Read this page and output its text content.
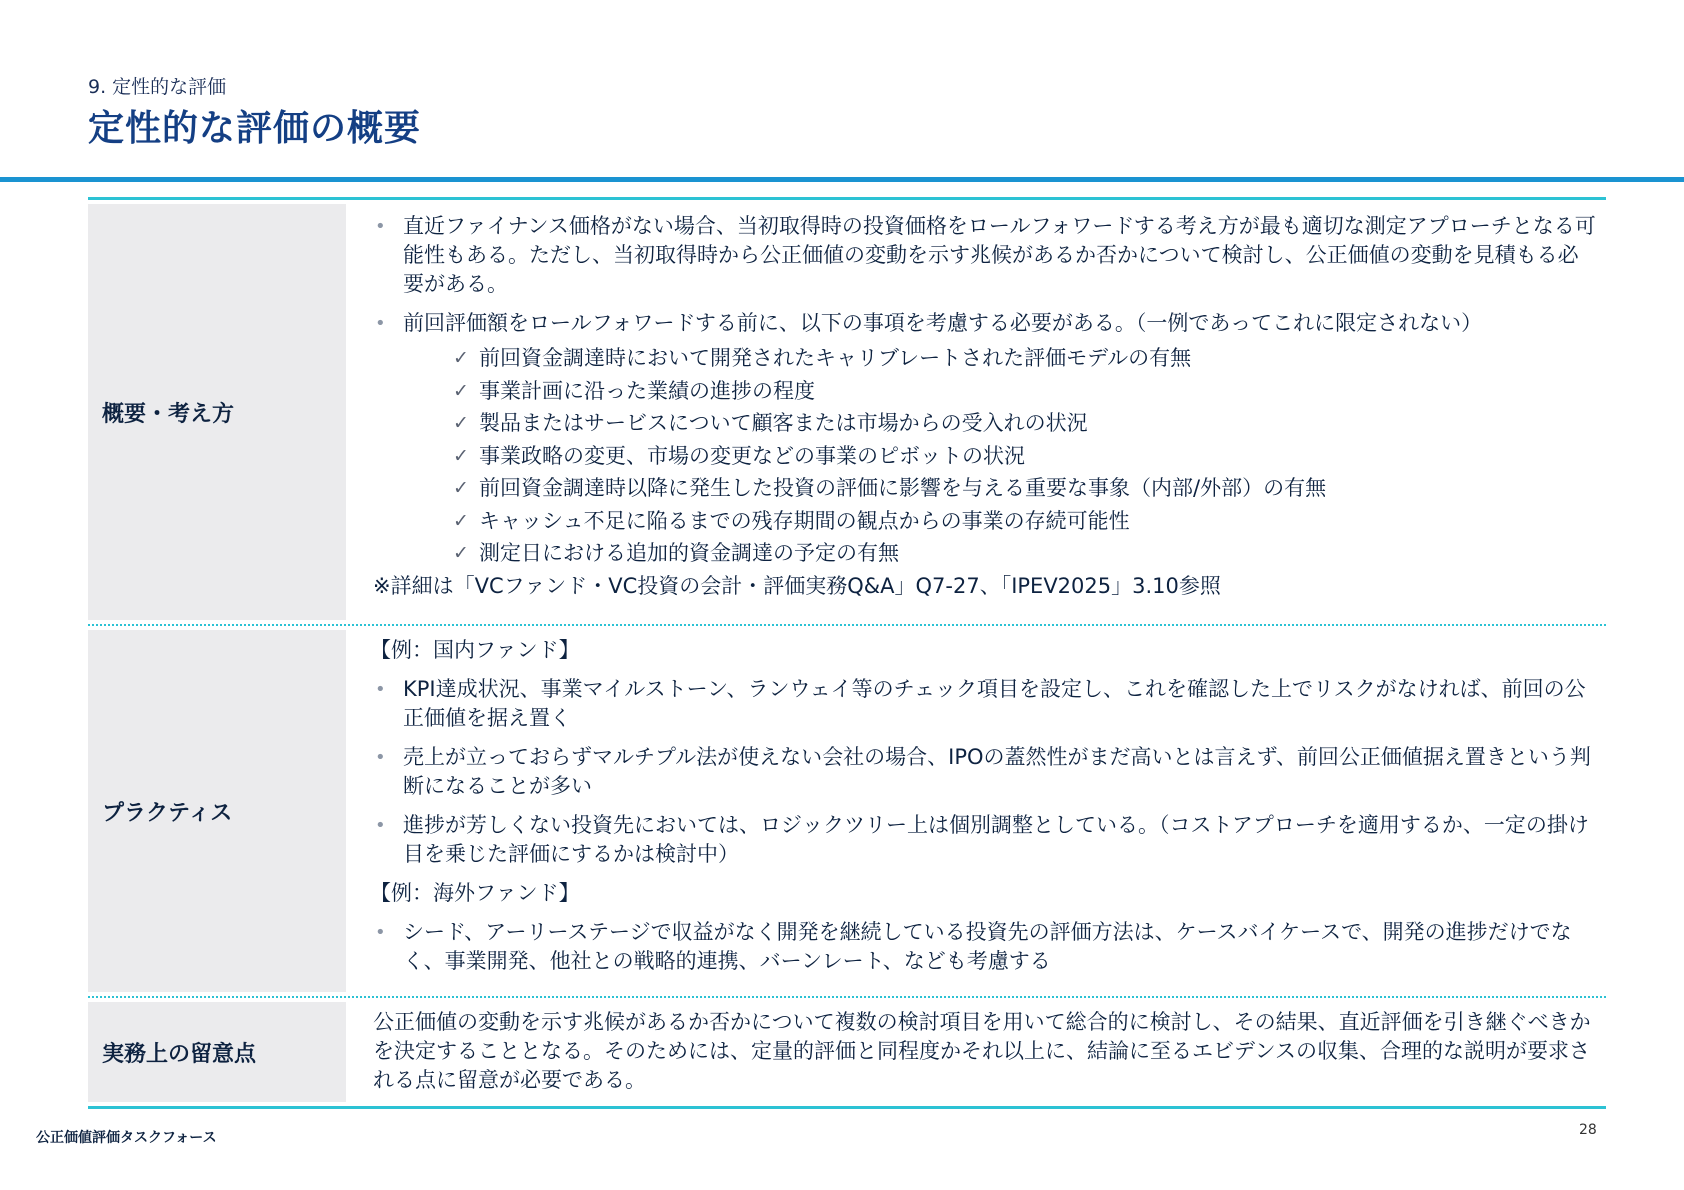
9. 定性的な評価
定性的な評価の概要
概要・考え方
• 直近ファイナンス価格がない場合、当初取得時の投資価格をロールフォワードする考え方が最も適切な測定アプローチとなる可能性もある。ただし、当初取得時から公正価値の変動を示す兆候があるか否かについて検討し、公正価値の変動を見積もる必要がある。
• 前回評価額をロールフォワードする前に、以下の事項を考慮する必要がある。（一例であってこれに限定されない）
✓ 前回資金調達時において開発されたキャリブレートされた評価モデルの有無
✓ 事業計画に沿った業績の進捗の程度
✓ 製品またはサービスについて顧客または市場からの受入れの状況
✓ 事業政略の変更、市場の変更などの事業のピボットの状況
✓ 前回資金調達時以降に発生した投資の評価に影響を与える重要な事象（内部/外部）の有無
✓ キャッシュ不足に陥るまでの残存期間の観点からの事業の存続可能性
✓ 測定日における追加的資金調達の予定の有無
※詳細は「VCファンド・VC投資の会計・評価実務Q&A」Q7-27、「IPEV2025」3.10参照
プラクティス
【例：国内ファンド】
• KPI達成状況、事業マイルストーン、ランウェイ等のチェック項目を設定し、これを確認した上でリスクがなければ、前回の公正価値を据え置く
• 売上が立っておらずマルチプル法が使えない会社の場合、IPOの蓋然性がまだ高いとは言えず、前回公正価値据え置きという判断になることが多い
• 進捗が芳しくない投資先においては、ロジックツリー上は個別調整としている。（コストアプローチを適用するか、一定の掛け目を乗じた評価にするかは検討中）
【例：海外ファンド】
• シード、アーリーステージで収益がなく開発を継続している投資先の評価方法は、ケースバイケースで、開発の進捗だけでなく、事業開発、他社との戦略的連携、バーンレート、なども考慮する
実務上の留意点
公正価値の変動を示す兆候があるか否かについて複数の検討項目を用いて総合的に検討し、その結果、直近評価を引き継ぐべきかを決定することとなる。そのためには、定量的評価と同程度かそれ以上に、結論に至るエビデンスの収集、合理的な説明が要求される点に留意が必要である。
公正価値評価タスクフォース	28
